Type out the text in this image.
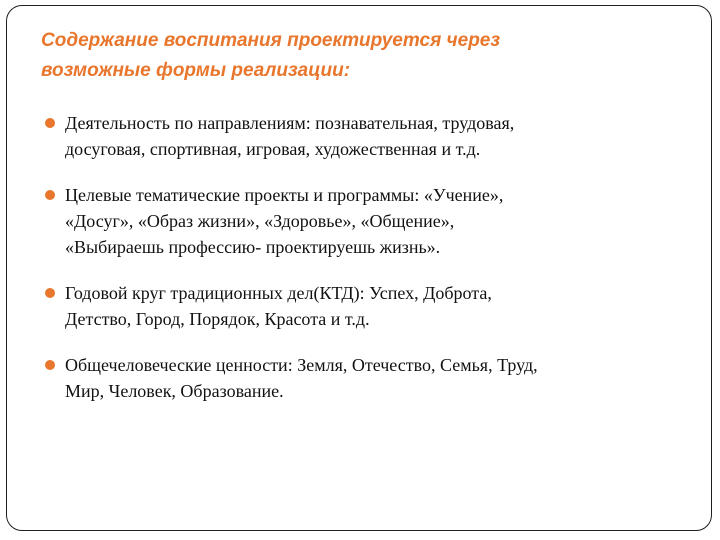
Содержание воспитания проектируется через
возможные формы реализации:
Деятельность по направлениям: познавательная, трудовая,
досуговая, спортивная, игровая, художественная и т.д.
Целевые тематические проекты и программы: «Учение»,
«Досуг», «Образ жизни», «Здоровье», «Общение»,
«Выбираешь профессию- проектируешь жизнь».
Годовой круг традиционных дел(КТД): Успех, Доброта,
Детство, Город, Порядок, Красота и т.д.
Общечеловеческие ценности: Земля, Отечество, Семья, Труд,
Мир, Человек, Образование.
